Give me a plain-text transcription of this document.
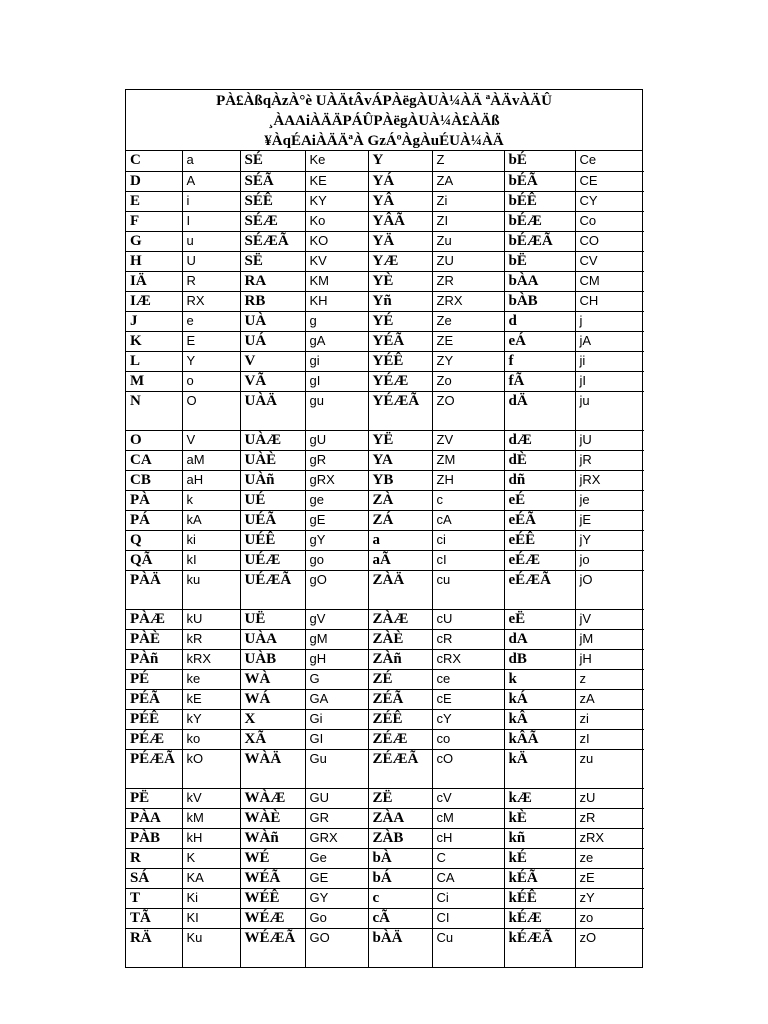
PÀ£ÀßqÀzÀ°è UÀÄtÂvÁPÀëgÀUÀ¼ÀÄ ªÀÄvÀÄÛ
¸ÀAAiÀÄÄPÁÛPÀëgÀUÀ¼À£ÀÄß
¥ÀqÉAiÀÄÄªÀ GzÁºÀgÀuÉUÀ¼ÀÄ
C	a	SÉ	Ke	Y	Z	bÉ	Ce
D	A	SÉÃ	KE	YÁ	ZA	bÉÃ	CE
E	i	SÉÊ	KY	YÂ	Zi	bÉÊ	CY
F	I	SÉÆ	Ko	YÂÃ	ZI	bÉÆ	Co
G	u	SÉÆÃ	KO	YÄ	Zu	bÉÆÃ	CO
H	U	SË	KV	YÆ	ZU	bË	CV
IÄ	R	RA	KM	YÈ	ZR	bÀA	CM
IÆ	RX	RB	KH	Yñ	ZRX	bÀB	CH
J	e	UÀ	g	YÉ	Ze	d	j
K	E	UÁ	gA	YÉÃ	ZE	eÁ	jA
L	Y	V	gi	YÉÊ	ZY	f	ji
M	o	VÃ	gI	YÉÆ	Zo	fÃ	jI
N	O	UÀÄ	gu	YÉÆÃ	ZO	dÄ	ju
O	V	UÀÆ	gU	YË	ZV	dÆ	jU
CA	aM	UÀÈ	gR	YA	ZM	dÈ	jR
CB	aH	UÀñ	gRX	YB	ZH	dñ	jRX
PÀ	k	UÉ	ge	ZÀ	c	eÉ	je
PÁ	kA	UÉÃ	gE	ZÁ	cA	eÉÃ	jE
Q	ki	UÉÊ	gY	a	ci	eÉÊ	jY
QÃ	kI	UÉÆ	go	aÃ	cI	eÉÆ	jo
PÀÄ	ku	UÉÆÃ	gO	ZÀÄ	cu	eÉÆÃ	jO
PÀÆ	kU	UË	gV	ZÀÆ	cU	eË	jV
PÀÈ	kR	UÀA	gM	ZÀÈ	cR	dA	jM
PÀñ	kRX	UÀB	gH	ZÀñ	cRX	dB	jH
PÉ	ke	WÀ	G	ZÉ	ce	k	z
PÉÃ	kE	WÁ	GA	ZÉÃ	cE	kÁ	zA
PÉÊ	kY	X	Gi	ZÉÊ	cY	kÂ	zi
PÉÆ	ko	XÃ	GI	ZÉÆ	co	kÂÃ	zI
PÉÆÃ	kO	WÀÄ	Gu	ZÉÆÃ	cO	kÄ	zu
PË	kV	WÀÆ	GU	ZË	cV	kÆ	zU
PÀA	kM	WÀÈ	GR	ZÀA	cM	kÈ	zR
PÀB	kH	WÀñ	GRX	ZÀB	cH	kñ	zRX
R	K	WÉ	Ge	bÀ	C	kÉ	ze
SÁ	KA	WÉÃ	GE	bÁ	CA	kÉÃ	zE
T	Ki	WÉÊ	GY	c	Ci	kÉÊ	zY
TÃ	KI	WÉÆ	Go	cÃ	CI	kÉÆ	zo
RÄ	Ku	WÉÆÃ	GO	bÀÄ	Cu	kÉÆÃ	zO
